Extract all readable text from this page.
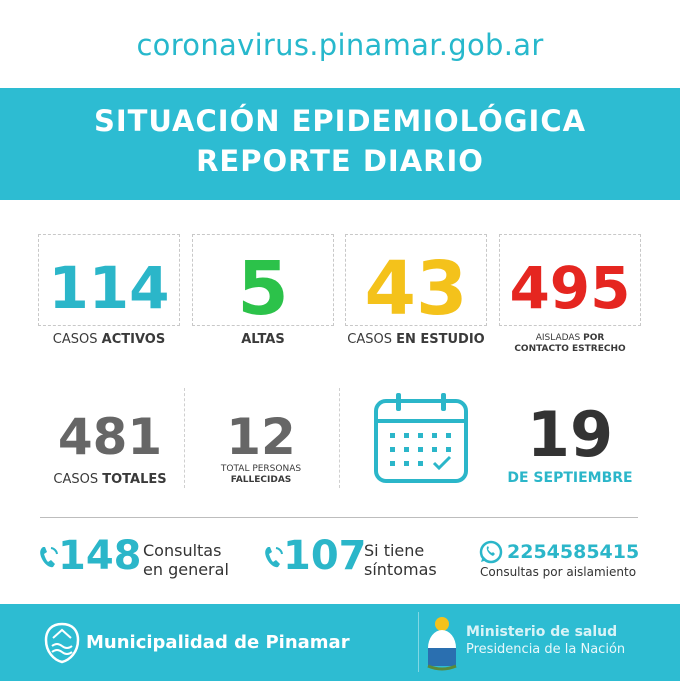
coronavirus.pinamar.gob.ar
SITUACIÓN EPIDEMIOLÓGICA
REPORTE DIARIO
114
CASOS ACTIVOS
5
ALTAS
43
CASOS EN ESTUDIO
495
AISLADAS POR
CONTACTO ESTRECHO
481
CASOS TOTALES
12
TOTAL PERSONAS
FALLECIDAS
19
DE SEPTIEMBRE
148 Consultas
en general 107
Si tiene
síntomas
2254585415
Consultas por aislamiento
Municipalidad de Pinamar	Ministerio de salud
Presidencia de la Nación
